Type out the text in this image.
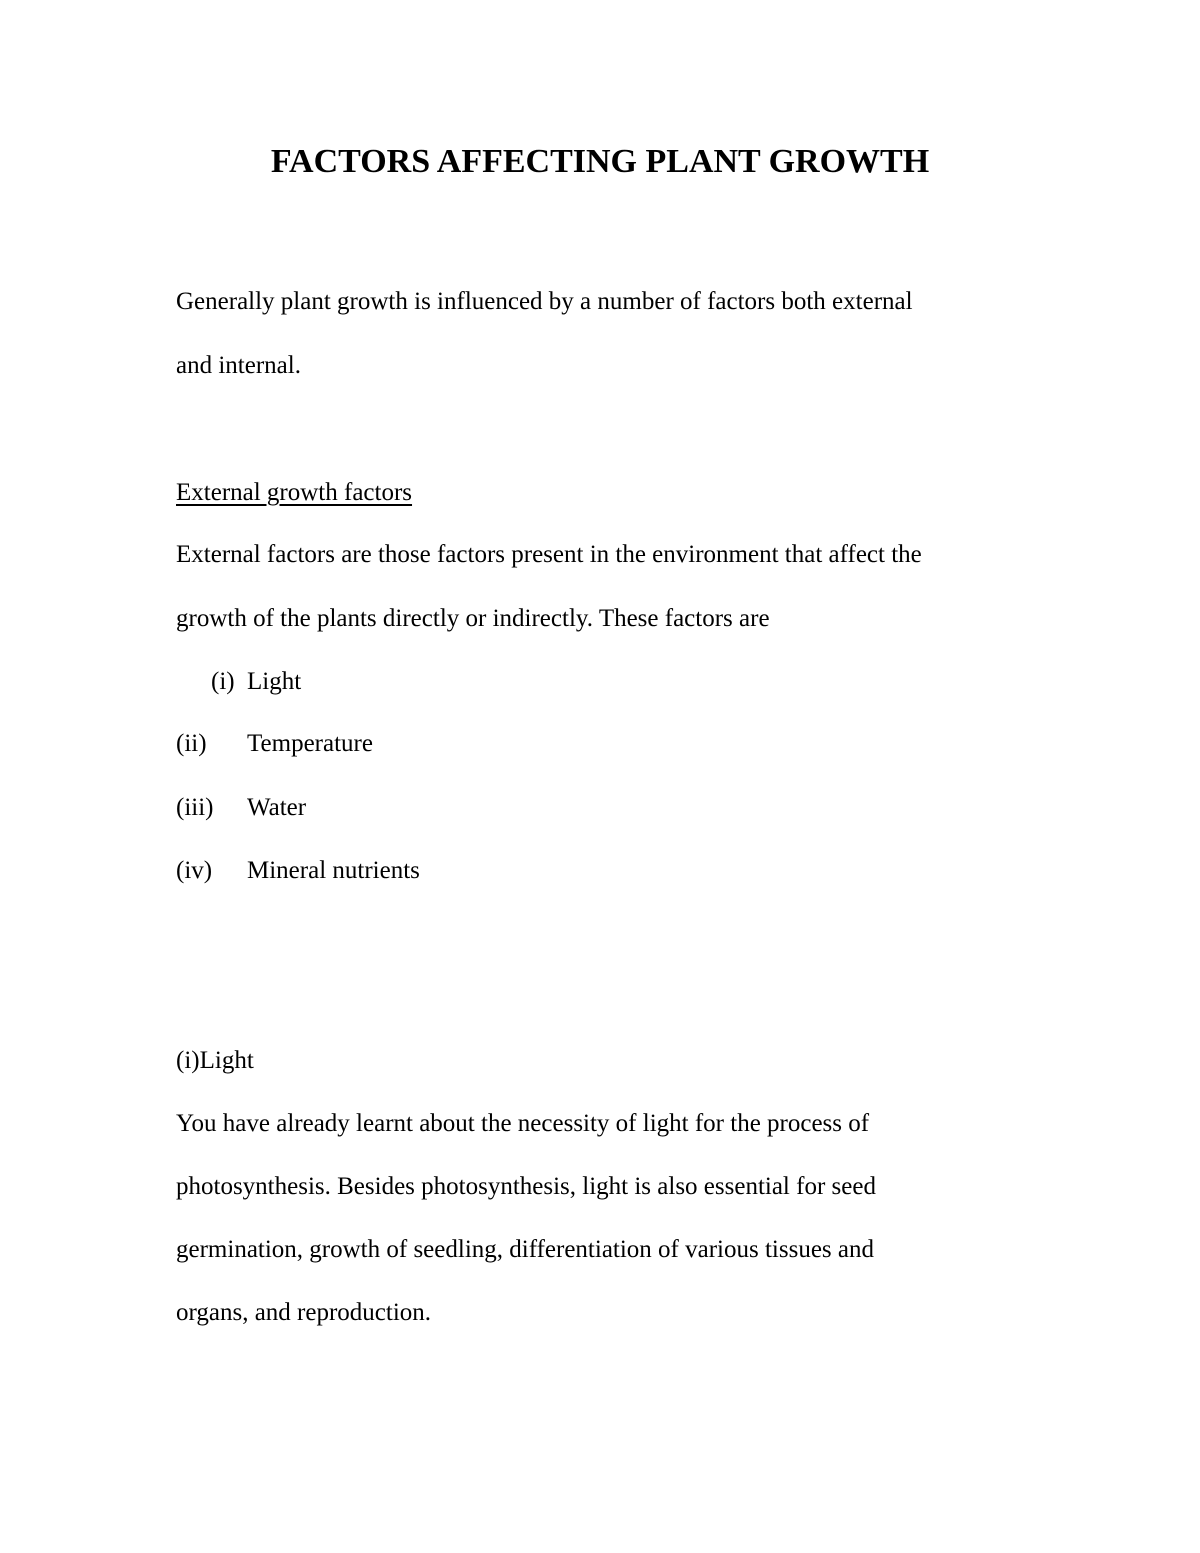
FACTORS AFFECTING PLANT GROWTH
Generally plant growth is influenced by a number of factors both external
and internal.
External growth factors
External factors are those factors present in the environment that affect the
growth of the plants directly or indirectly. These factors are
(i) Light
(ii) Temperature
(iii) Water
(iv) Mineral nutrients
(i)Light
You have already learnt about the necessity of light for the process of
photosynthesis. Besides photosynthesis, light is also essential for seed
germination, growth of seedling, differentiation of various tissues and
organs, and reproduction.
